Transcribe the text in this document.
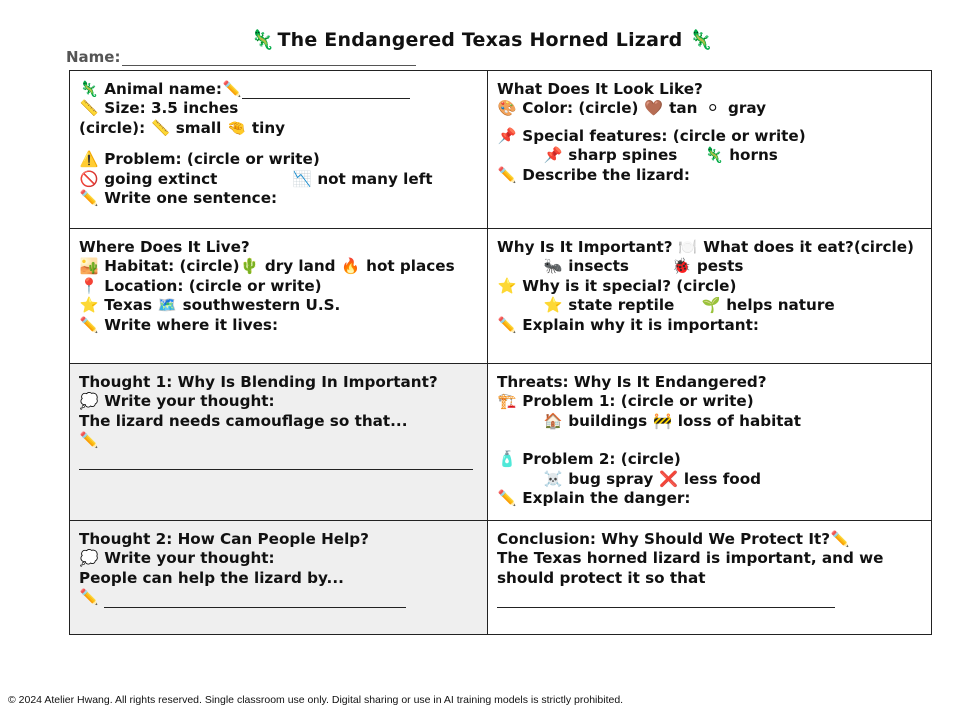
🦎 The Endangered Texas Horned Lizard 🦎
Name:
🦎 Animal name:✏️
📏 Size: 3.5 inches
(circle): 📏 small 🤏 tiny
⚠️ Problem: (circle or write)
🚫 going extinct	📉 not many left
✏️ Write one sentence:
What Does It Look Like?
🎨 Color: (circle) 🤎 tan ⚪ gray
📌 Special features: (circle or write)
📌 sharp spines 🦎 horns
✏️ Describe the lizard:
Where Does It Live?
🏜️ Habitat: (circle)🌵 dry land 🔥 hot places
📍 Location: (circle or write)
⭐ Texas 🗺️ southwestern U.S.
✏️ Write where it lives:
Why Is It Important? 🍽️ What does it eat?(circle)
🐜 insects	🐞 pests
⭐ Why is it special? (circle)
⭐ state reptile 🌱 helps nature
✏️ Explain why it is important:
Thought 1: Why Is Blending In Important?
💭 Write your thought:
The lizard needs camouflage so that...
✏️
Threats: Why Is It Endangered?
🏗️ Problem 1: (circle or write)
🏠 buildings 🚧 loss of habitat
🧴 Problem 2: (circle)
☠️ bug spray ❌ less food
✏️ Explain the danger:
Thought 2: How Can People Help?
💭 Write your thought:
People can help the lizard by...
✏️
Conclusion: Why Should We Protect It?✏️
The Texas horned lizard is important, and we
should protect it so that
© 2024 Atelier Hwang. All rights reserved. Single classroom use only. Digital sharing or use in AI training models is strictly prohibited.
